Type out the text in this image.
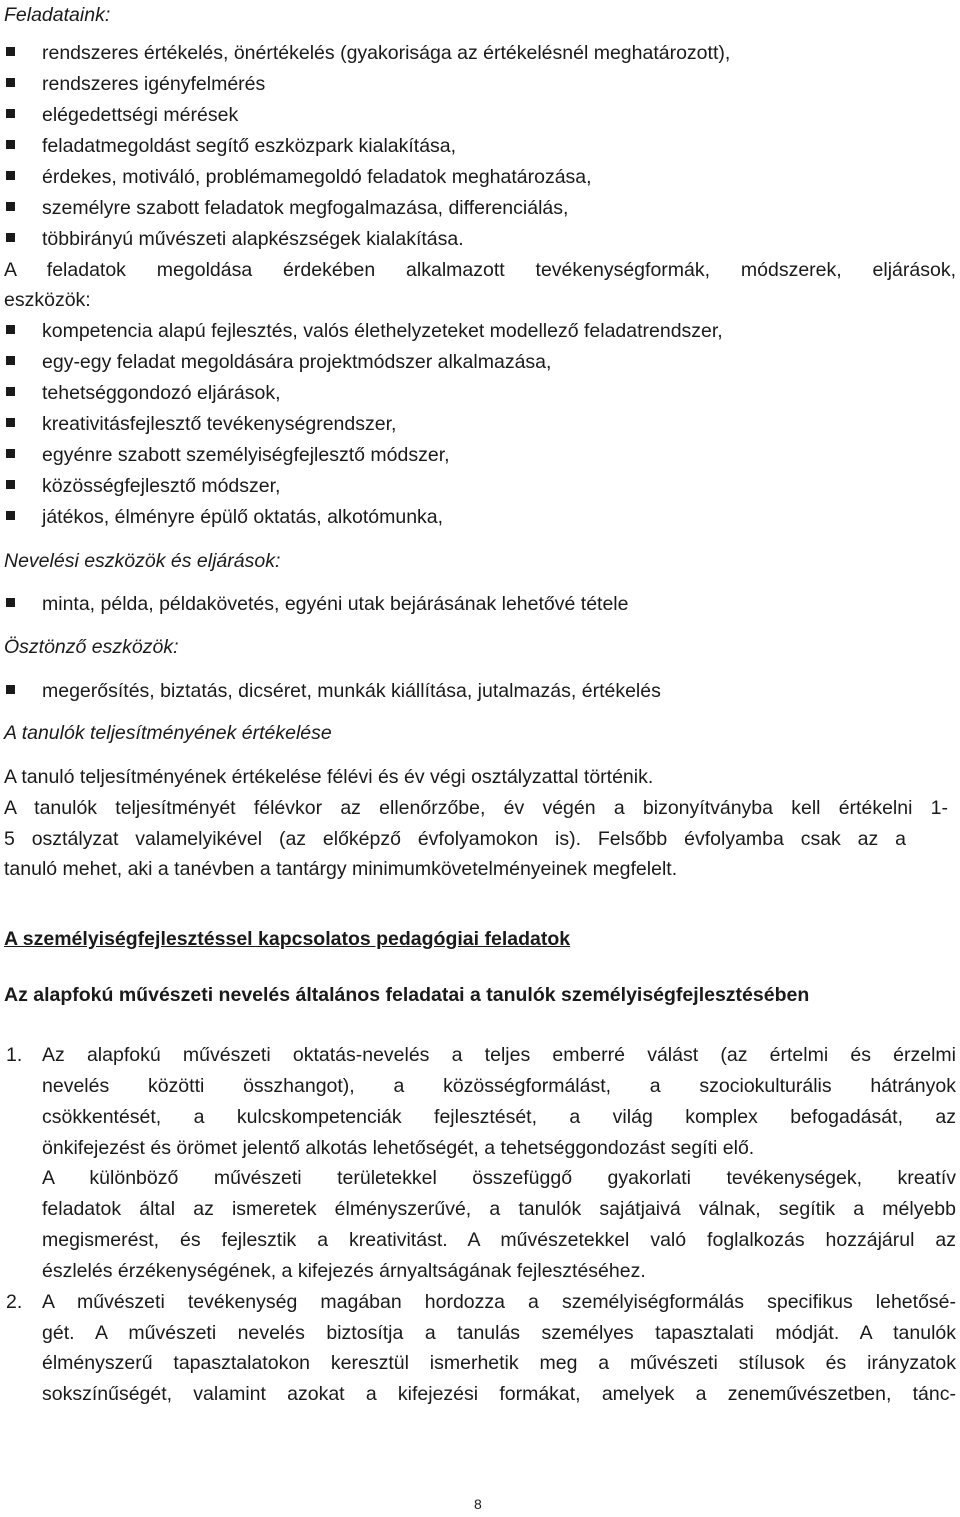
Feladataink:
rendszeres értékelés, önértékelés (gyakorisága az értékelésnél meghatározott),
rendszeres igényfelmérés
elégedettségi mérések
feladatmegoldást segítő eszközpark kialakítása,
érdekes, motiváló, problémamegoldó feladatok meghatározása,
személyre szabott feladatok megfogalmazása, differenciálás,
többirányú művészeti alapkészségek kialakítása.
A feladatok megoldása érdekében alkalmazott tevékenységformák, módszerek, eljárások,
eszközök:
kompetencia alapú fejlesztés, valós élethelyzeteket modellező feladatrendszer,
egy-egy feladat megoldására projektmódszer alkalmazása,
tehetséggondozó eljárások,
kreativitásfejlesztő tevékenységrendszer,
egyénre szabott személyiségfejlesztő módszer,
közösségfejlesztő módszer,
játékos, élményre épülő oktatás, alkotómunka,
Nevelési eszközök és eljárások:
minta, példa, példakövetés, egyéni utak bejárásának lehetővé tétele
Ösztönző eszközök:
megerősítés, biztatás, dicséret, munkák kiállítása, jutalmazás, értékelés
A tanulók teljesítményének értékelése
A tanuló teljesítményének értékelése félévi és év végi osztályzattal történik.
A tanulók teljesítményét félévkor az ellenőrzőbe, év végén a bizonyítványba kell értékelni 1-
5 osztályzat valamelyikével (az előképző évfolyamokon is). Felsőbb évfolyamba csak az a
tanuló mehet, aki a tanévben a tantárgy minimumkövetelményeinek megfelelt.
A személyiségfejlesztéssel kapcsolatos pedagógiai feladatok
Az alapfokú művészeti nevelés általános feladatai a tanulók személyiségfejlesztésében
1. Az alapfokú művészeti oktatás-nevelés a teljes emberré válást (az értelmi és érzelmi
nevelés közötti összhangot), a közösségformálást, a szociokulturális hátrányok
csökkentését, a kulcskompetenciák fejlesztését, a világ komplex befogadását, az
önkifejezést és örömet jelentő alkotás lehetőségét, a tehetséggondozást segíti elő.
A különböző művészeti területekkel összefüggő gyakorlati tevékenységek, kreatív
feladatok által az ismeretek élményszerűvé, a tanulók sajátjaivá válnak, segítik a mélyebb
megismerést, és fejlesztik a kreativitást. A művészetekkel való foglalkozás hozzájárul az
észlelés érzékenységének, a kifejezés árnyaltságának fejlesztéséhez.
2. A művészeti tevékenység magában hordozza a személyiségformálás specifikus lehetősé-
gét. A művészeti nevelés biztosítja a tanulás személyes tapasztalati módját. A tanulók
élményszerű tapasztalatokon keresztül ismerhetik meg a művészeti stílusok és irányzatok
sokszínűségét, valamint azokat a kifejezési formákat, amelyek a zeneművészetben, tánc-
8
